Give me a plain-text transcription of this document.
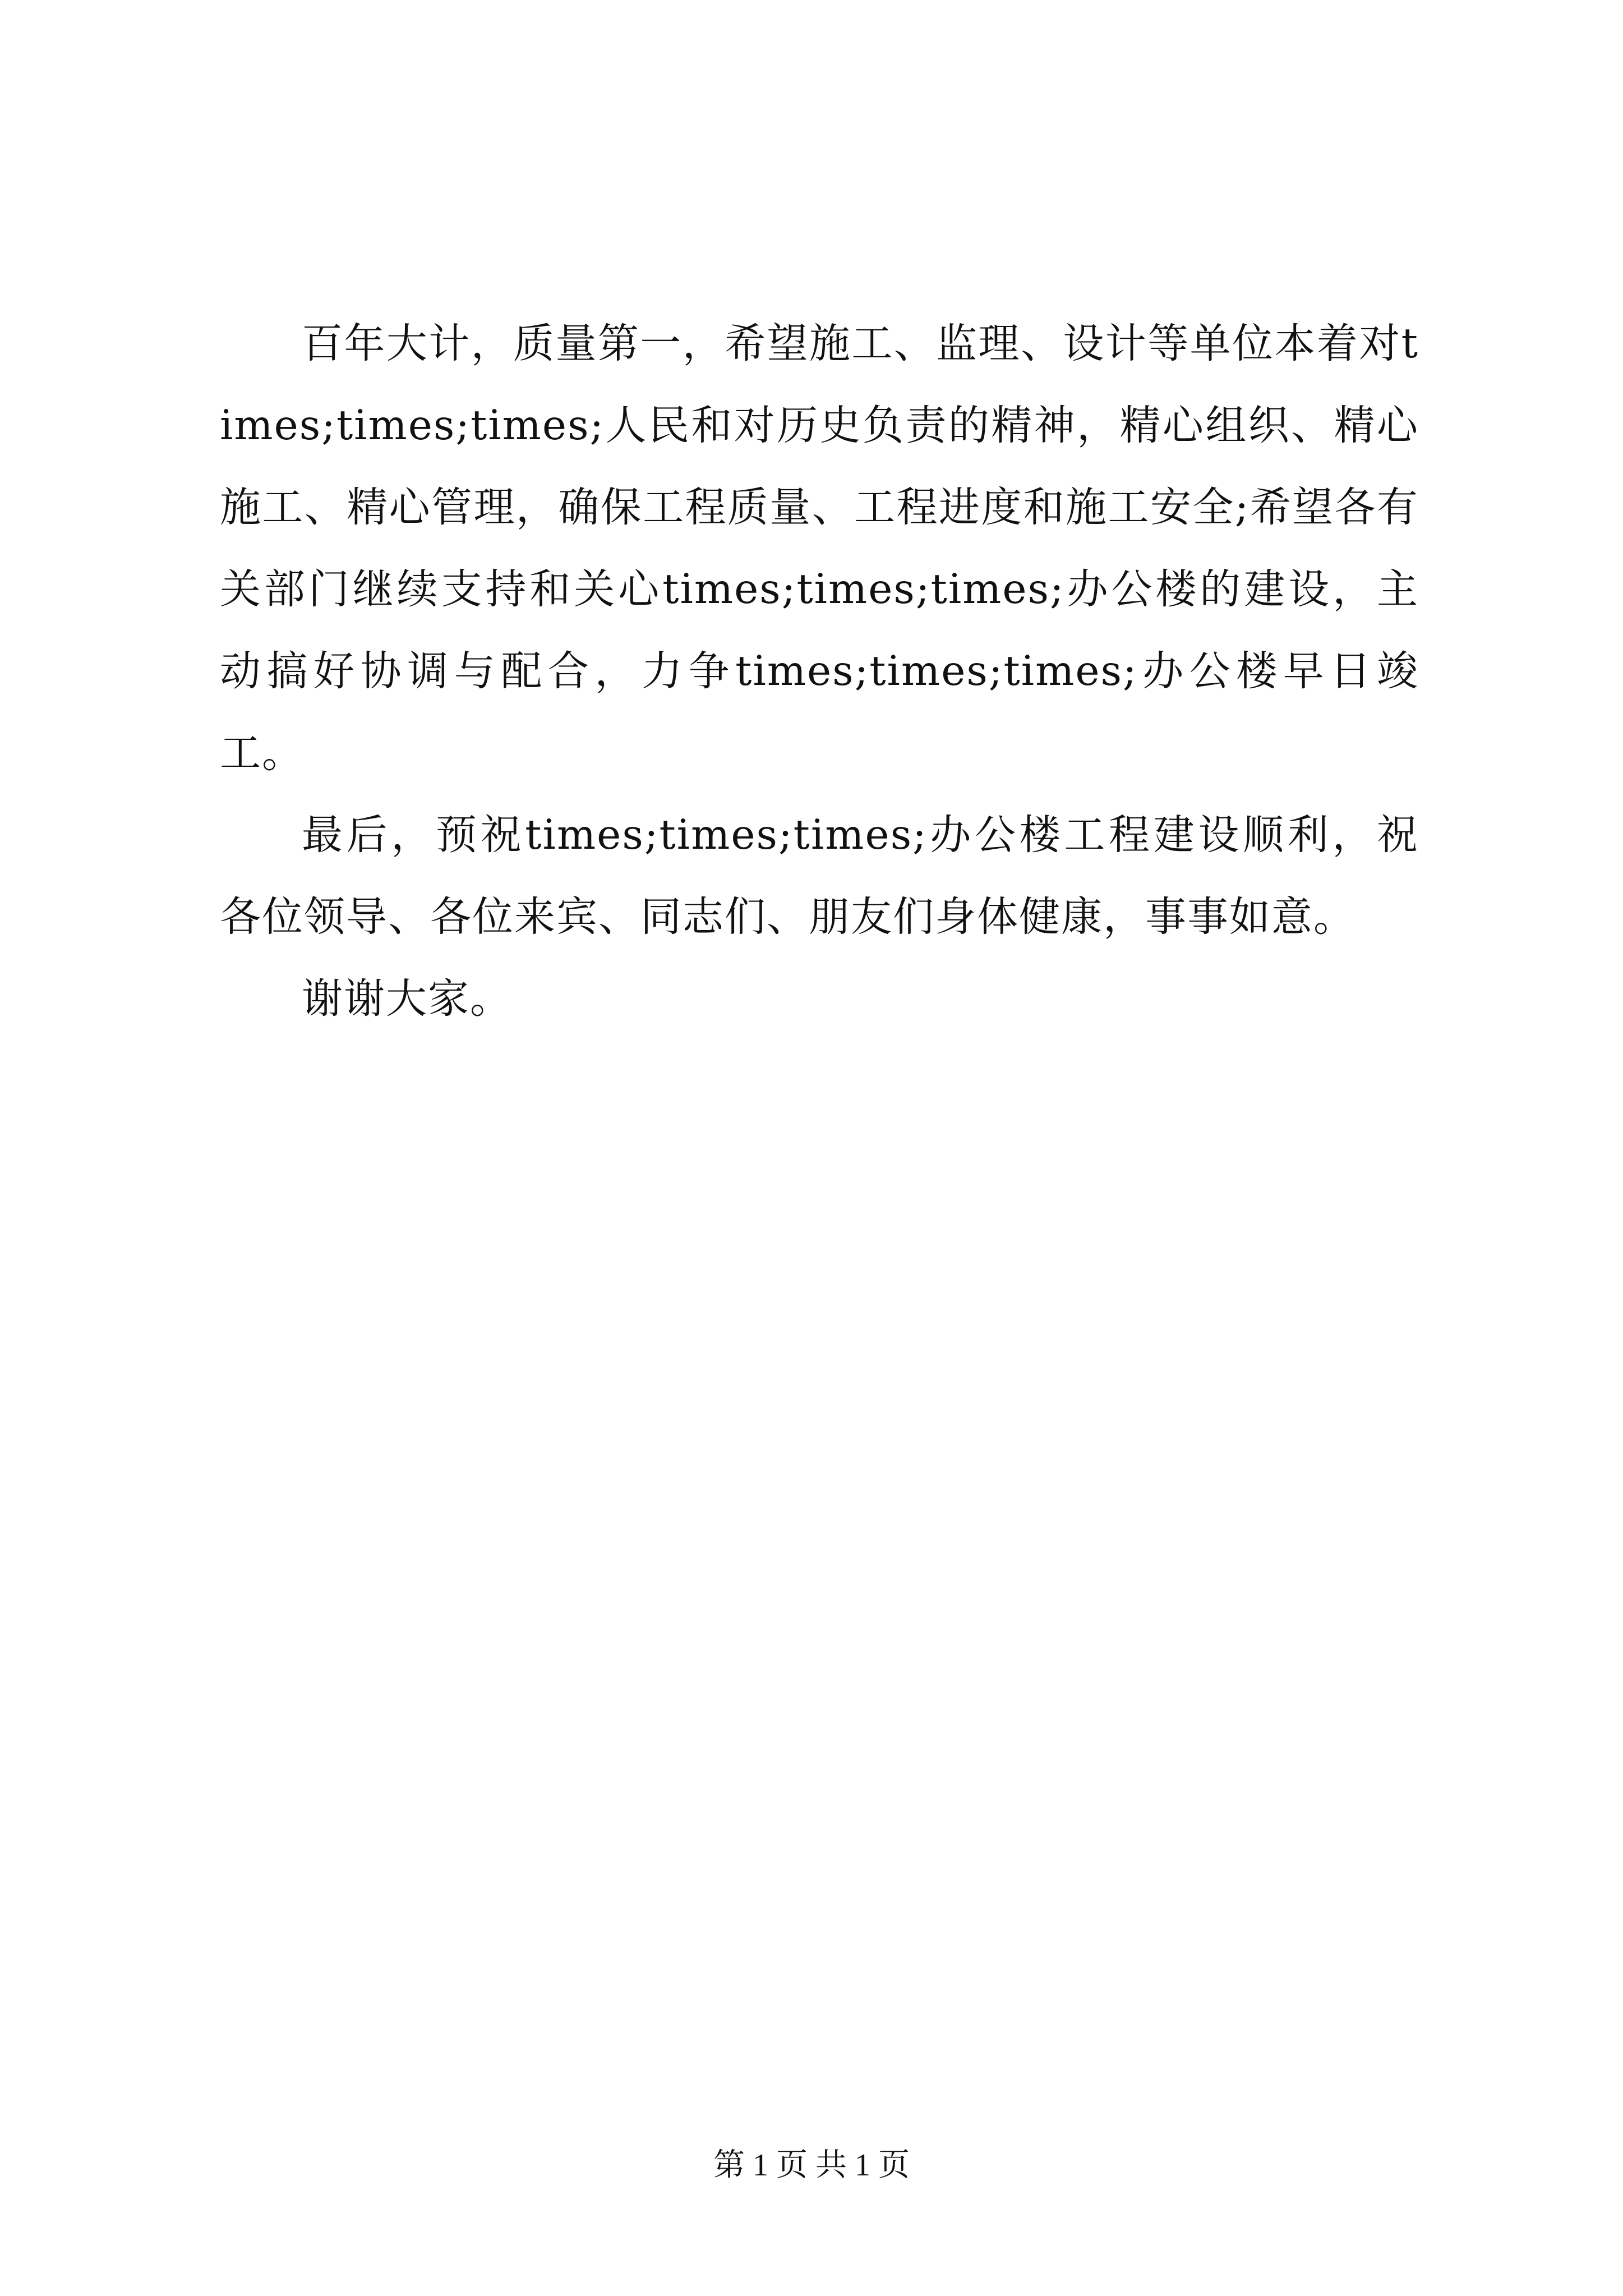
百年大计，质量第一，希望施工、监理、设计等单位本着对times;times;times;人民和对历史负责的精神，精心组织、精心施工、精心管理，确保工程质量、工程进度和施工安全;希望各有关部门继续支持和关心times;times;times;办公楼的建设，主动搞好协调与配合，力争times;times;times;办公楼早日竣工。

最后，预祝times;times;times;办公楼工程建设顺利，祝各位领导、各位来宾、同志们、朋友们身体健康，事事如意。

谢谢大家。

第 1 页 共 1 页
